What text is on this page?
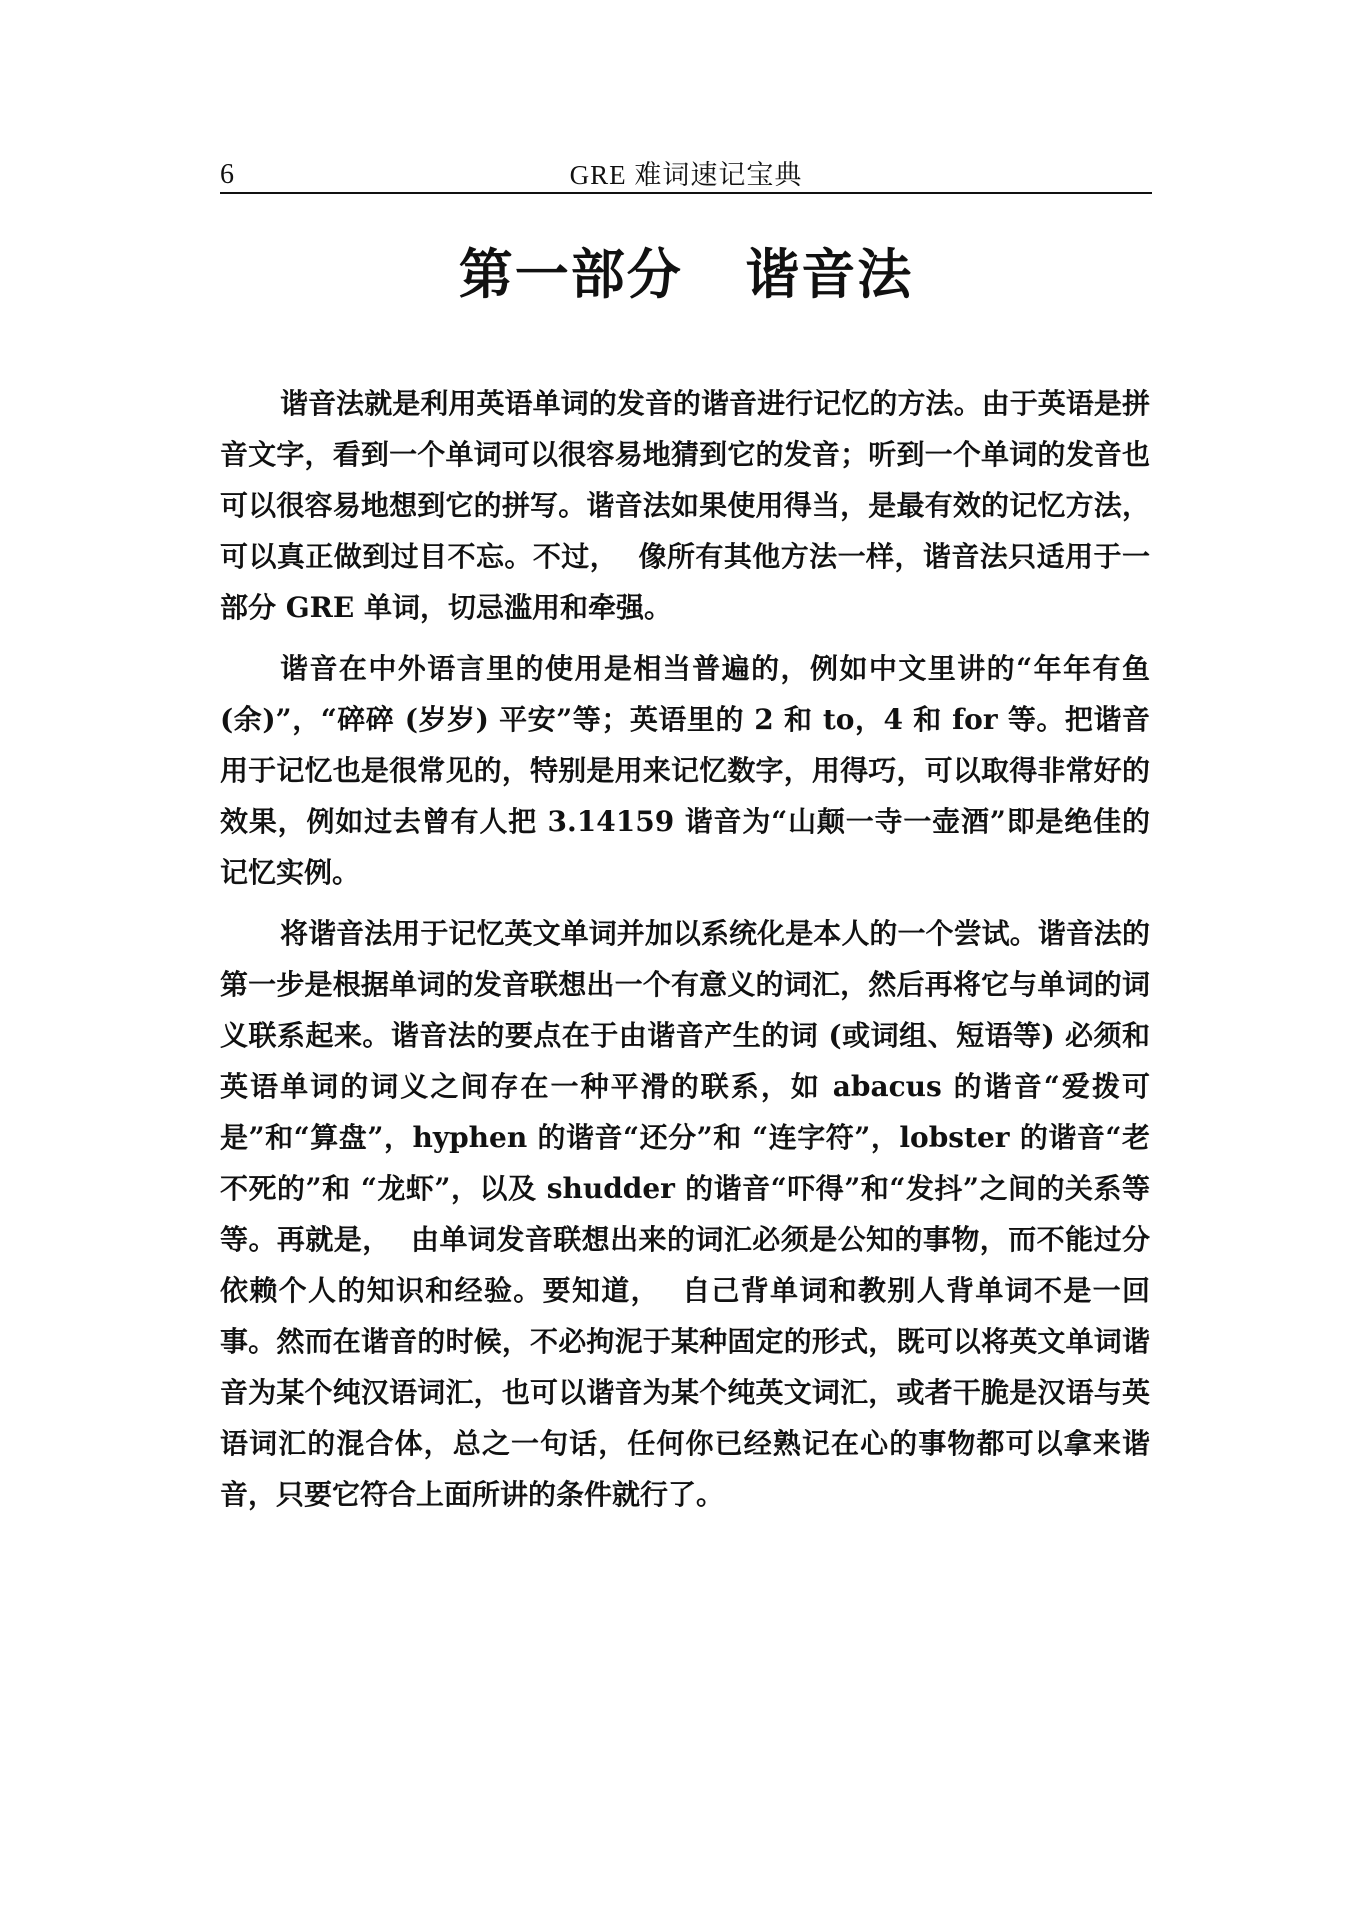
6	GRE 难词速记宝典
第一部分   谐音法

谐音法就是利用英语单词的发音的谐音进行记忆的方法。由于英语是拼音文字，看到一个单词可以很容易地猜到它的发音；听到一个单词的发音也可以很容易地想到它的拼写。谐音法如果使用得当，是最有效的记忆方法，可以真正做到过目不忘。不过，  像所有其他方法一样，谐音法只适用于一部分 GRE 单词，切忌滥用和牵强。

谐音在中外语言里的使用是相当普遍的，例如中文里讲的“年年有鱼 (余)”，“碎碎 (岁岁) 平安”等；英语里的 2 和 to，4 和 for 等。把谐音用于记忆也是很常见的，特别是用来记忆数字，用得巧，可以取得非常好的效果，例如过去曾有人把 3.14159 谐音为“山颠一寺一壶酒”即是绝佳的记忆实例。

将谐音法用于记忆英文单词并加以系统化是本人的一个尝试。谐音法的第一步是根据单词的发音联想出一个有意义的词汇，然后再将它与单词的词义联系起来。谐音法的要点在于由谐音产生的词 (或词组、短语等) 必须和英语单词的词义之间存在一种平滑的联系，如 abacus 的谐音“爱拨可是”和“算盘”，hyphen 的谐音“还分”和 “连字符”，lobster 的谐音“老不死的”和 “龙虾”，以及 shudder 的谐音“吓得”和“发抖”之间的关系等等。再就是，  由单词发音联想出来的词汇必须是公知的事物，而不能过分依赖个人的知识和经验。要知道，  自己背单词和教别人背单词不是一回事。然而在谐音的时候，不必拘泥于某种固定的形式，既可以将英文单词谐音为某个纯汉语词汇，也可以谐音为某个纯英文词汇，或者干脆是汉语与英语词汇的混合体，总之一句话，任何你已经熟记在心的事物都可以拿来谐音，只要它符合上面所讲的条件就行了。
